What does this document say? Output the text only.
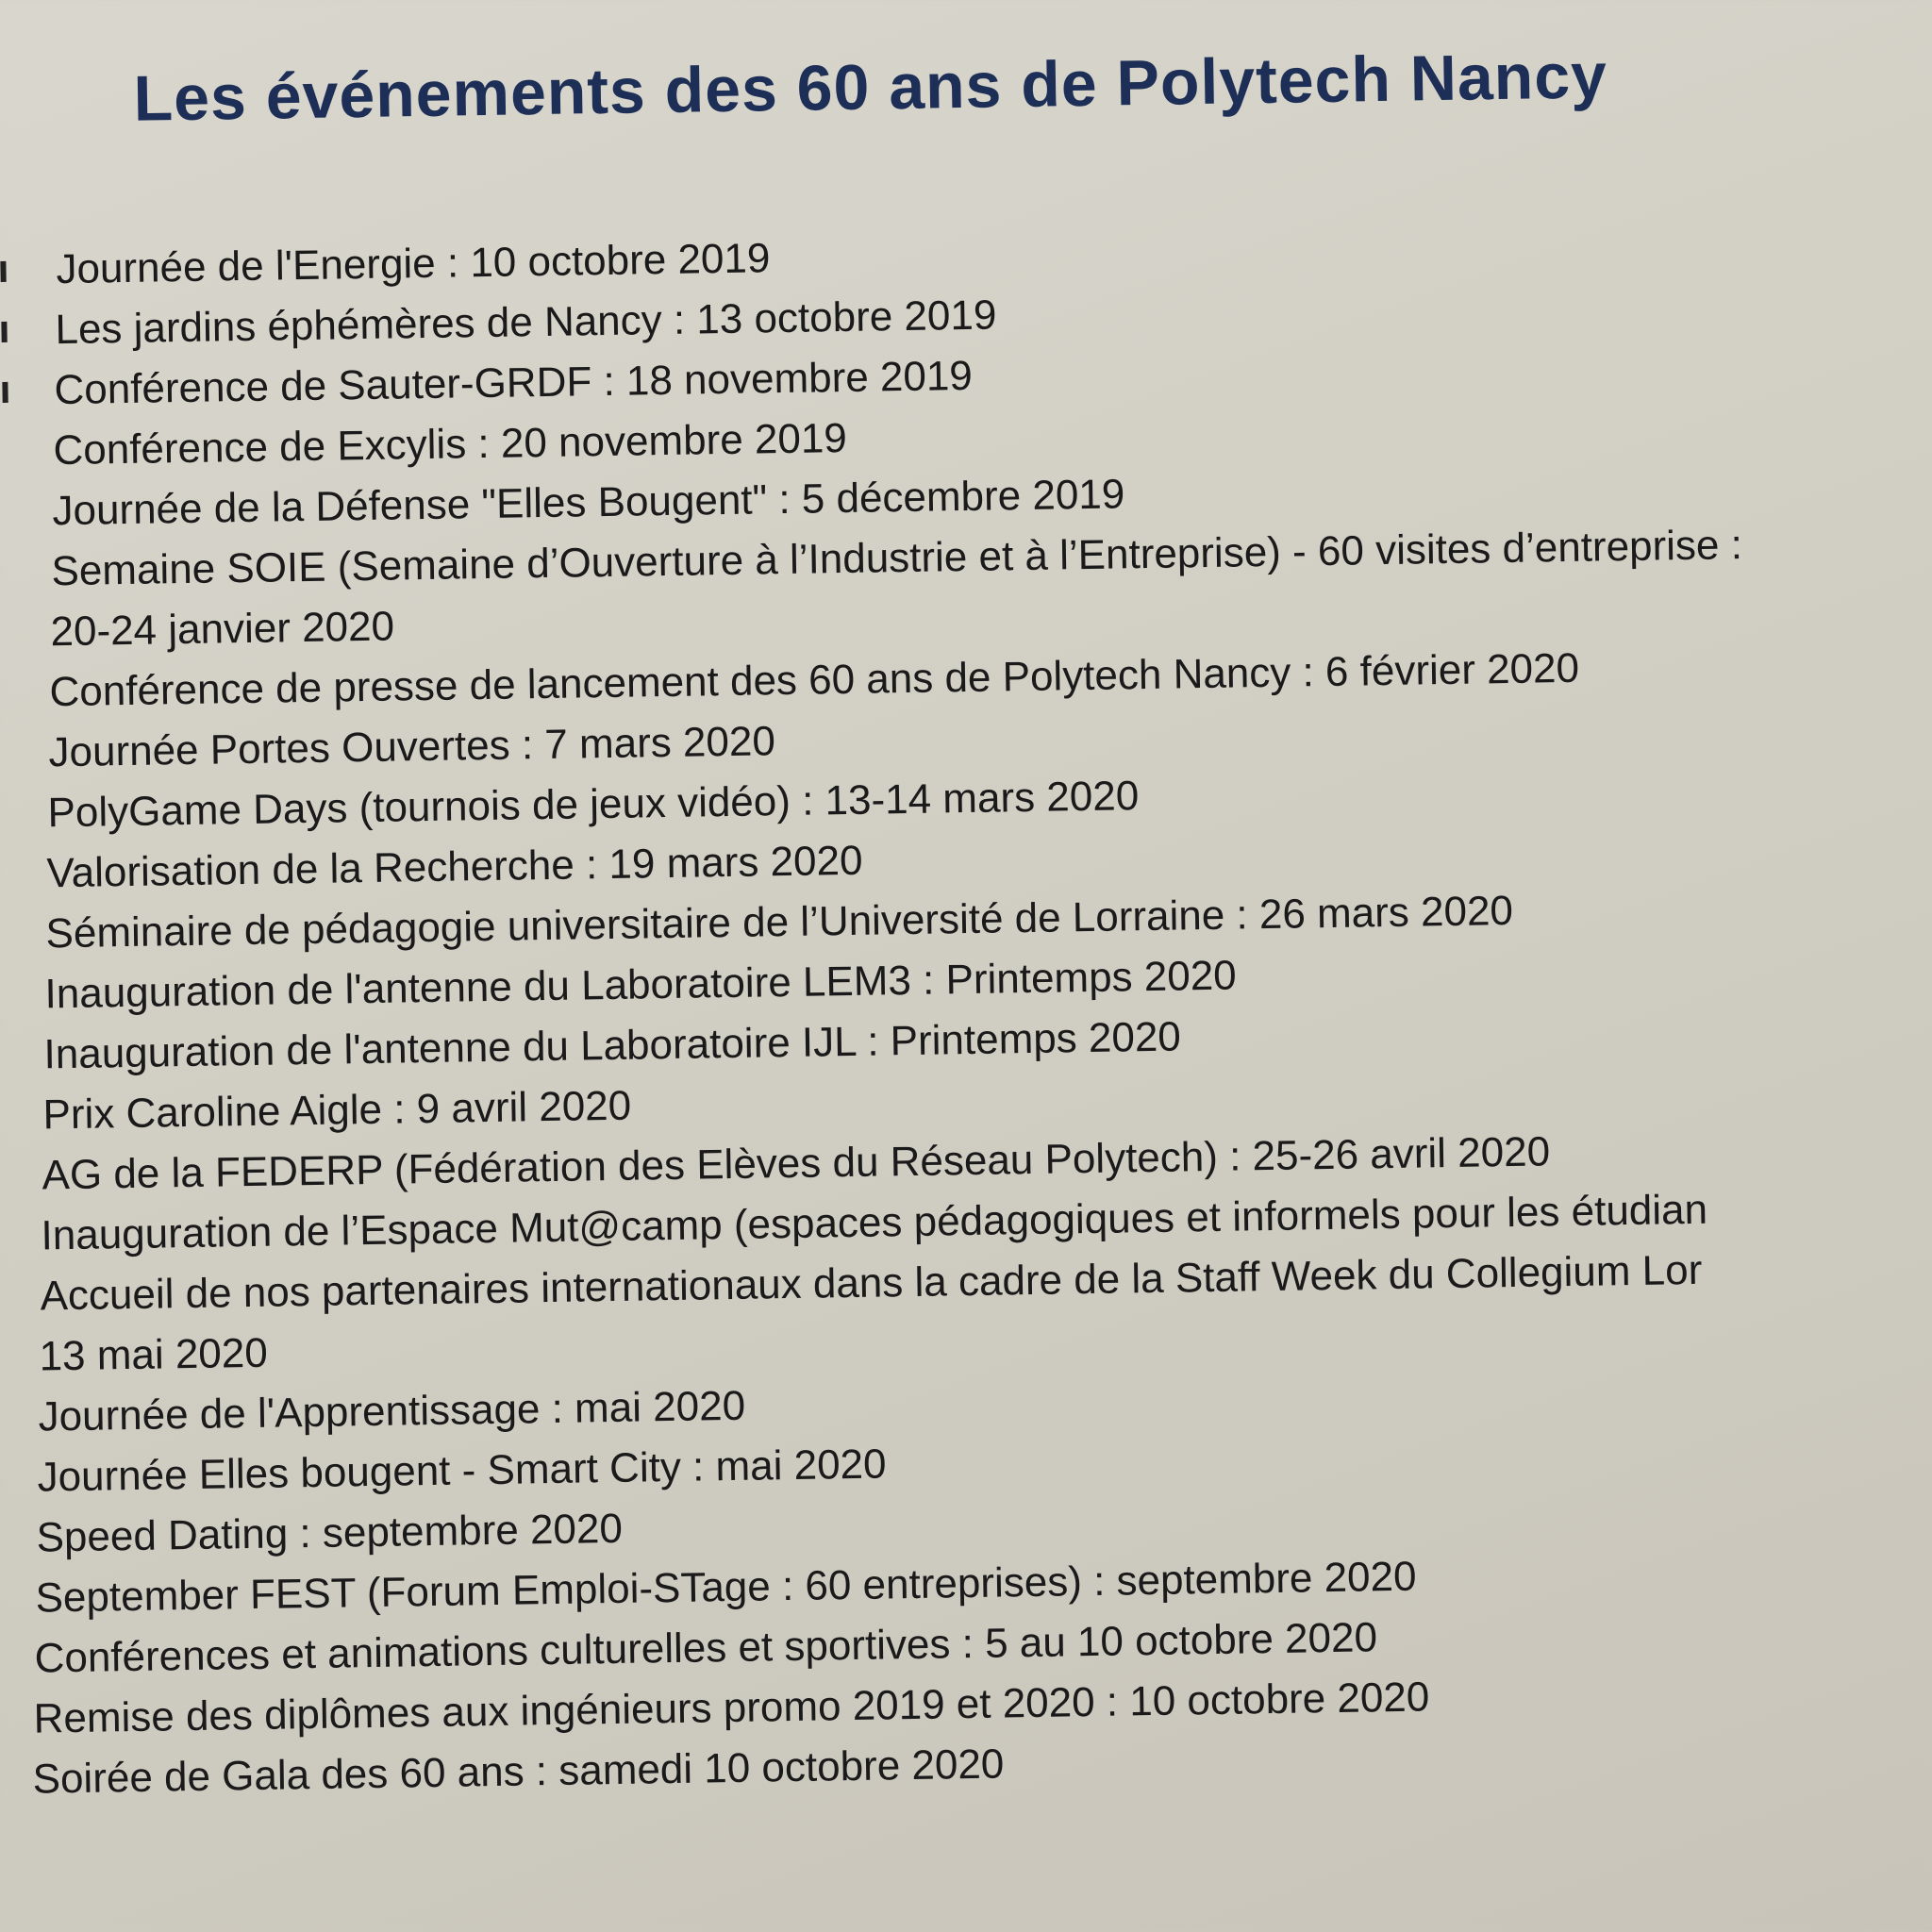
Les événements des 60 ans de Polytech Nancy
Journée de l'Energie : 10 octobre 2019
Les jardins éphémères de Nancy : 13 octobre 2019
Conférence de Sauter-GRDF : 18 novembre 2019
Conférence de Excylis : 20 novembre 2019
Journée de la Défense "Elles Bougent" : 5 décembre 2019
Semaine SOIE (Semaine d’Ouverture à l’Industrie et à l’Entreprise) - 60 visites d’entreprise :
20-24 janvier 2020
Conférence de presse de lancement des 60 ans de Polytech Nancy : 6 février 2020
Journée Portes Ouvertes : 7 mars 2020
PolyGame Days (tournois de jeux vidéo) : 13-14 mars 2020
Valorisation de la Recherche : 19 mars 2020
Séminaire de pédagogie universitaire de l’Université de Lorraine : 26 mars 2020
Inauguration de l'antenne du Laboratoire LEM3 : Printemps 2020
Inauguration de l'antenne du Laboratoire IJL : Printemps 2020
Prix Caroline Aigle : 9 avril 2020
AG de la FEDERP (Fédération des Elèves du Réseau Polytech) : 25-26 avril 2020
Inauguration de l’Espace Mut@camp (espaces pédagogiques et informels pour les étudian
Accueil de nos partenaires internationaux dans la cadre de la Staff Week du Collegium Lor
13 mai 2020
Journée de l'Apprentissage : mai 2020
Journée Elles bougent - Smart City : mai 2020
Speed Dating : septembre 2020
September FEST (Forum Emploi-STage : 60 entreprises) : septembre 2020
Conférences et animations culturelles et sportives : 5 au 10 octobre 2020
Remise des diplômes aux ingénieurs promo 2019 et 2020 : 10 octobre 2020
Soirée de Gala des 60 ans : samedi 10 octobre 2020
